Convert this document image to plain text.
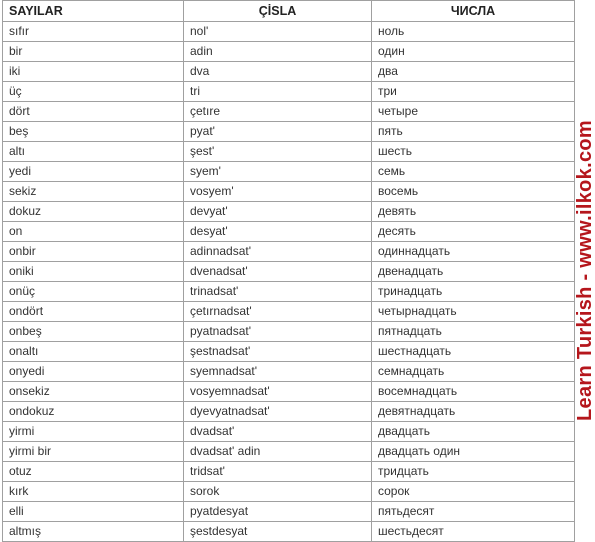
SAYILAR	ÇİSLA	ЧИСЛА
sıfır	nol'	ноль
bir	adin	один
iki	dva	два
üç	tri	три
dört	çetıre	четыре
beş	pyat'	пять
altı	şest'	шесть
yedi	syem'	семь
sekiz	vosyem'	восемь
dokuz	devyat'	девять
on	desyat'	десять
onbir	adinnadsat'	одиннадцать
oniki	dvenadsat'	двенадцать
onüç	trinadsat'	тринадцать
ondört	çetırnadsat'	четырнадцать
onbeş	pyatnadsat'	пятнадцать
onaltı	şestnadsat'	шестнадцать
onyedi	syemnadsat'	семнадцать
onsekiz	vosyemnadsat'	восемнадцать
ondokuz	dyevyatnadsat'	девятнадцать
yirmi	dvadsat'	двадцать
yirmi bir	dvadsat' adin	двадцать один
otuz	tridsat'	тридцать
kırk	sorok	сорок
elli	pyatdesyat	пятьдесят
altmış	şestdesyat	шестьдесят
Learn Turkish - www.ilkok.com
